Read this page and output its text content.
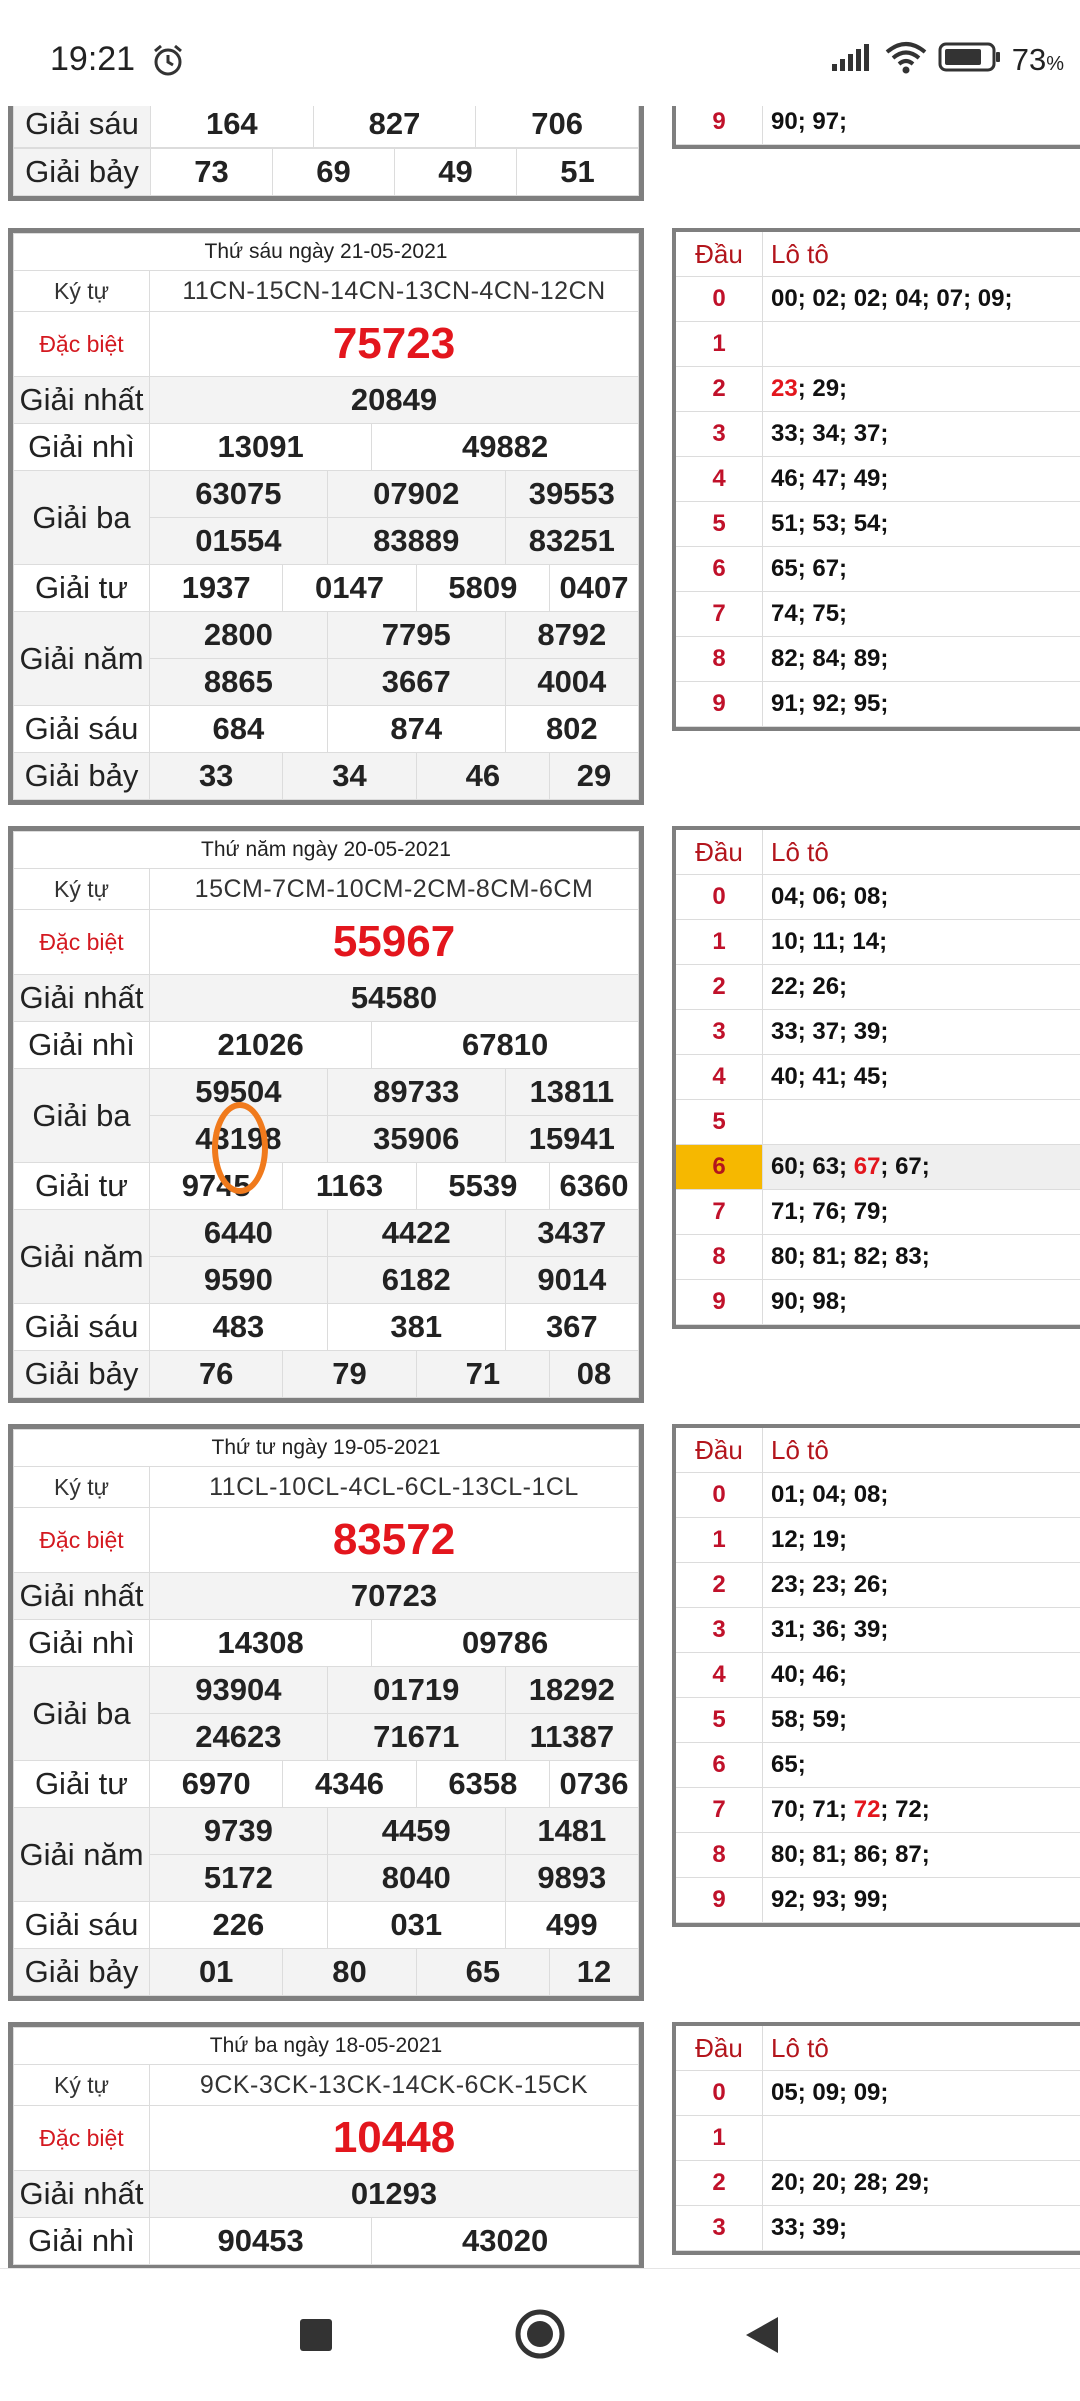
19:21	73%
Giải sáu	164	827	706
Giải bảy	73	69	49	51
9	90; 97;
Thứ sáu ngày 21-05-2021							
Ký tự	11CN-15CN-14CN-13CN-4CN-12CN						
Đặc biệt	75723						
Giải nhất	20849						
Giải nhì	13091			49882			
Giải ba	63075		07902			39553	
	01554		83889			83251	
Giải tư	1937	0147			5809		0407
Giải năm	2800		7795			8792	
	8865		3667			4004	
Giải sáu	684		874			802	
Giải bảy	33	34			46		29
Đầu	Lô tô
0	00; 02; 02; 04; 07; 09;
1	
2	23; 29;
3	33; 34; 37;
4	46; 47; 49;
5	51; 53; 54;
6	65; 67;
7	74; 75;
8	82; 84; 89;
9	91; 92; 95;
Thứ năm ngày 20-05-2021							
Ký tự	15CM-7CM-10CM-2CM-8CM-6CM						
Đặc biệt	55967						
Giải nhất	54580						
Giải nhì	21026			67810			
Giải ba	59504		89733			13811	
	43198		35906			15941	
Giải tư	9745	1163			5539		6360
Giải năm	6440		4422			3437	
	9590		6182			9014	
Giải sáu	483		381			367	
Giải bảy	76	79			71		08
Đầu	Lô tô
0	04; 06; 08;
1	10; 11; 14;
2	22; 26;
3	33; 37; 39;
4	40; 41; 45;
5	
6	60; 63; 67; 67;
7	71; 76; 79;
8	80; 81; 82; 83;
9	90; 98;
Thứ tư ngày 19-05-2021							
Ký tự	11CL-10CL-4CL-6CL-13CL-1CL						
Đặc biệt	83572						
Giải nhất	70723						
Giải nhì	14308			09786			
Giải ba	93904		01719			18292	
	24623		71671			11387	
Giải tư	6970	4346			6358		0736
Giải năm	9739		4459			1481	
	5172		8040			9893	
Giải sáu	226		031			499	
Giải bảy	01	80			65		12
Đầu	Lô tô
0	01; 04; 08;
1	12; 19;
2	23; 23; 26;
3	31; 36; 39;
4	40; 46;
5	58; 59;
6	65;
7	70; 71; 72; 72;
8	80; 81; 86; 87;
9	92; 93; 99;
Thứ ba ngày 18-05-2021		
Ký tự	9CK-3CK-13CK-14CK-6CK-15CK	
Đặc biệt	10448	
Giải nhất	01293	
Giải nhì	90453	43020
Đầu	Lô tô
0	05; 09; 09;
1	
2	20; 20; 28; 29;
3	33; 39;
